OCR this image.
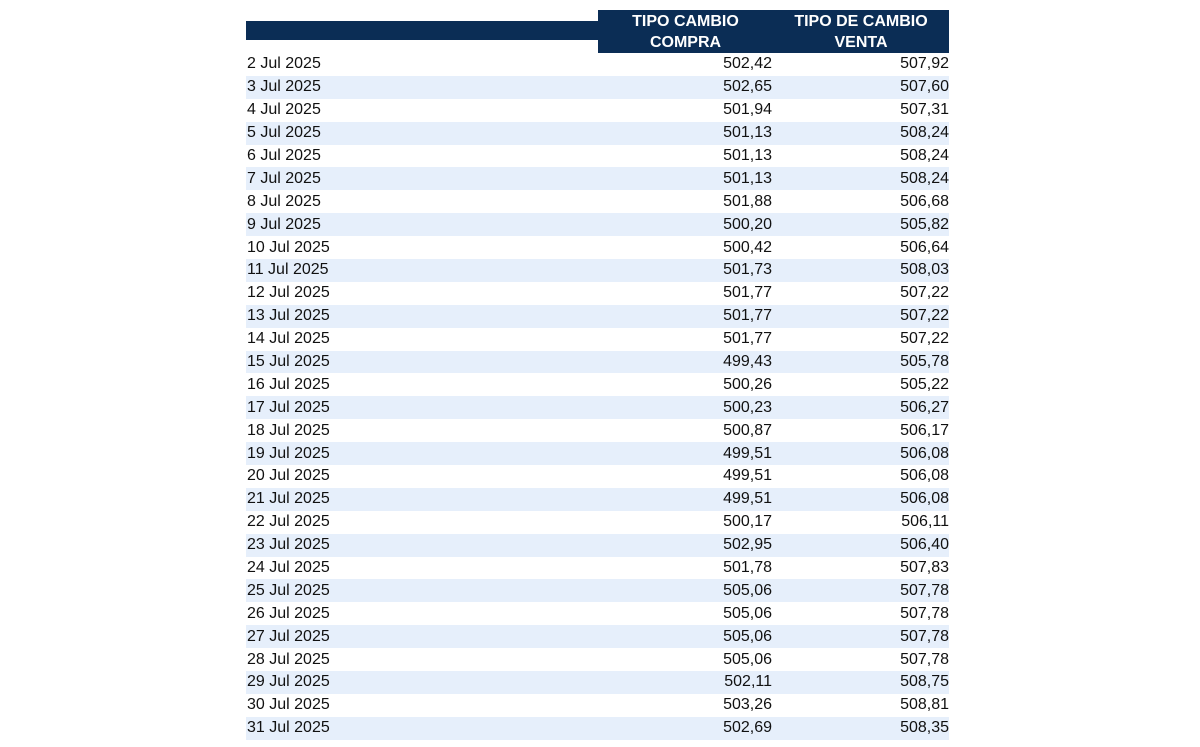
TIPO CAMBIO
COMPRA
TIPO DE CAMBIO
VENTA
2 Jul 2025	502,42	507,92
3 Jul 2025	502,65	507,60
4 Jul 2025	501,94	507,31
5 Jul 2025	501,13	508,24
6 Jul 2025	501,13	508,24
7 Jul 2025	501,13	508,24
8 Jul 2025	501,88	506,68
9 Jul 2025	500,20	505,82
10 Jul 2025	500,42	506,64
11 Jul 2025	501,73	508,03
12 Jul 2025	501,77	507,22
13 Jul 2025	501,77	507,22
14 Jul 2025	501,77	507,22
15 Jul 2025	499,43	505,78
16 Jul 2025	500,26	505,22
17 Jul 2025	500,23	506,27
18 Jul 2025	500,87	506,17
19 Jul 2025	499,51	506,08
20 Jul 2025	499,51	506,08
21 Jul 2025	499,51	506,08
22 Jul 2025	500,17	506,11
23 Jul 2025	502,95	506,40
24 Jul 2025	501,78	507,83
25 Jul 2025	505,06	507,78
26 Jul 2025	505,06	507,78
27 Jul 2025	505,06	507,78
28 Jul 2025	505,06	507,78
29 Jul 2025	502,11	508,75
30 Jul 2025	503,26	508,81
31 Jul 2025	502,69	508,35
